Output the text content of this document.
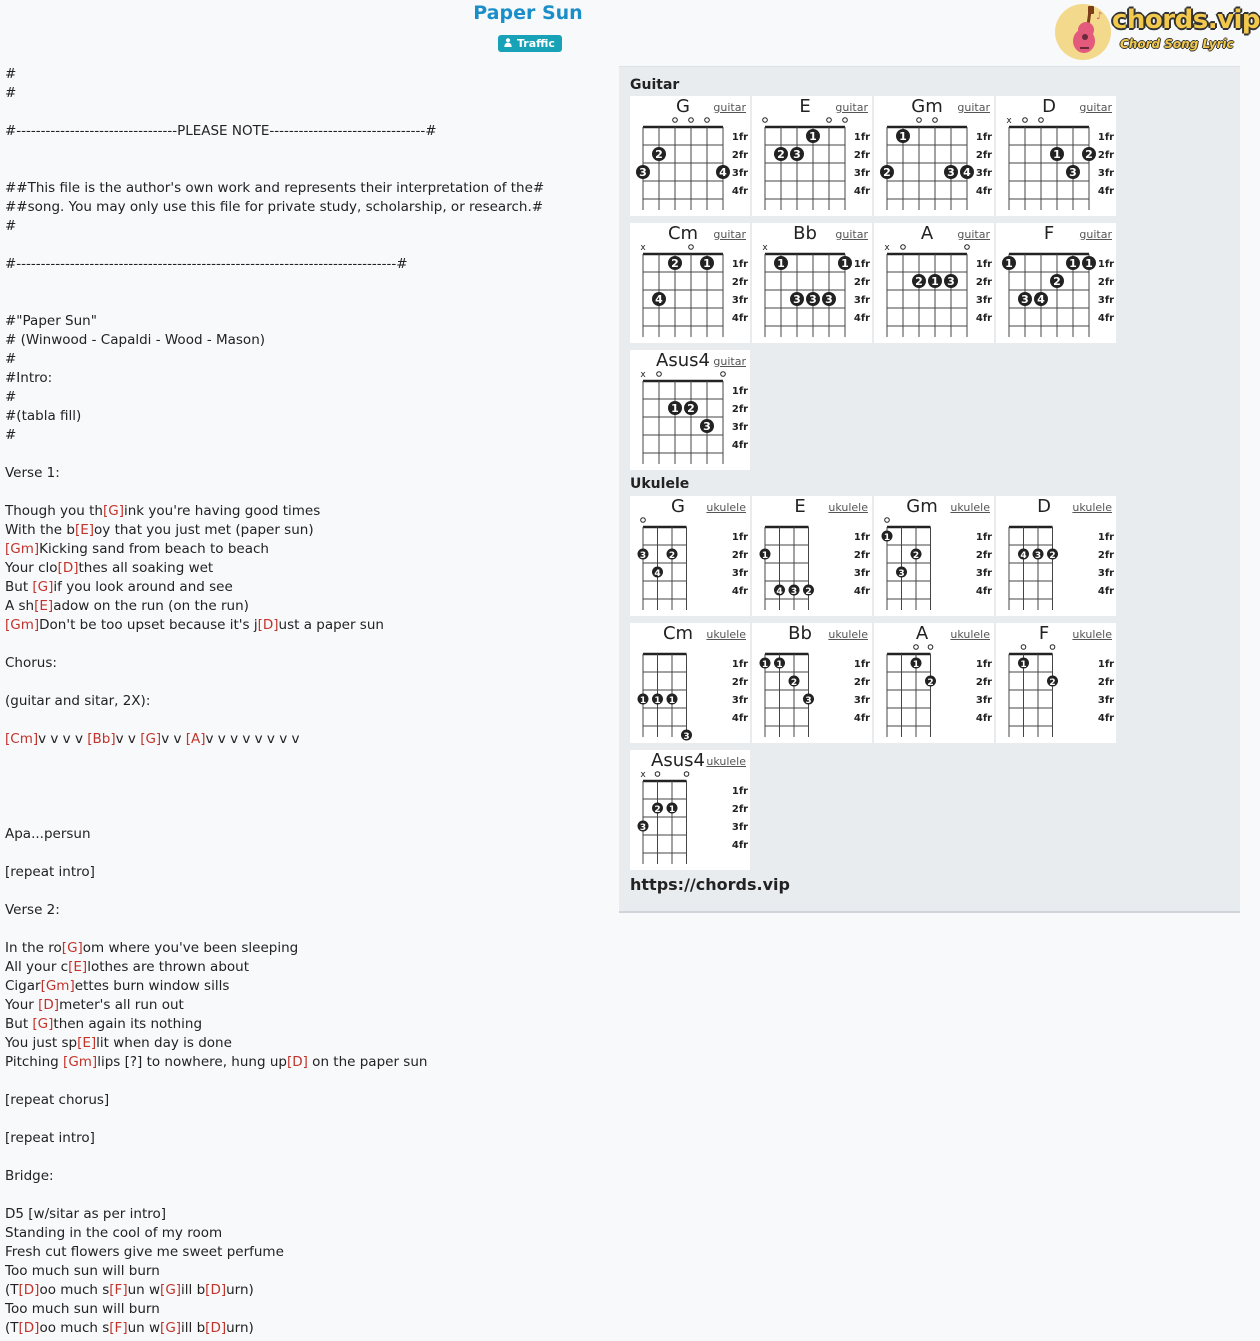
Paper Sun
Traffic
♪ chords.vip
Chord Song Lyric
#
#
#---------------------------------PLEASE NOTE--------------------------------#
##This file is the author's own work and represents their interpretation of the#
##song. You may only use this file for private study, scholarship, or research.#
#
#------------------------------------------------------------------------------#
#"Paper Sun"
# (Winwood - Capaldi - Wood - Mason)
#
#Intro:
#
#(tabla fill)
#
Verse 1:
Though you th[G]ink you're having good times
With the b[E]oy that you just met (paper sun)
[Gm]Kicking sand from beach to beach
Your clo[D]thes all soaking wet
But [G]if you look around and see
A sh[E]adow on the run (on the run)
[Gm]Don't be too upset because it's j[D]ust a paper sun
Chorus:
(guitar and sitar, 2X):
[Cm]v v v v [Bb]v v [G]v v [A]v v v v v v v v
Apa...persun
[repeat intro]
Verse 2:
In the ro[G]om where you've been sleeping
All your c[E]lothes are thrown about
Cigar[Gm]ettes burn window sills
Your [D]meter's all run out
But [G]then again its nothing
You just sp[E]lit when day is done
Pitching [Gm]lips [?] to nowhere, hung up[D] on the paper sun
[repeat chorus]
[repeat intro]
Bridge:
D5 [w/sitar as per intro]
Standing in the cool of my room
Fresh cut flowers give me sweet perfume
Too much sun will burn
(T[D]oo much s[F]un w[G]ill b[D]urn)
Too much sun will burn
(T[D]oo much s[F]un w[G]ill b[D]urn)
Guitar
Ukulele
https://chords.vip
1fr
2fr
3fr
4fr
2
3	4
G	guitar
1fr
2fr
3fr
4fr
1
2 3
E	guitar
1fr
2fr
3fr
4fr
1
2	3 4
Gm	guitar
x
1fr
2fr
3fr
4fr
1 2
3
D	guitar
x
1fr
2fr
3fr
4fr
2 1
4
Cm	guitar
x
1fr
2fr
3fr
4fr
1	1
3 3 3
Bb	guitar
x
1fr
2fr
3fr
4fr
2 1 3
A	guitar
1fr
2fr
3fr
4fr
1	1 1
2
3 4
F	guitar
x
1fr
2fr
3fr
4fr
1 2
3
Asus4 guitar
1fr
2fr
3fr
4fr
2
3
4
G	ukulele
1fr
2fr
3fr
4fr
1
2
3
4
E	ukulele
1fr
2fr
3fr
4fr
1
2
3
Gm	ukulele
1fr
2fr
3fr
4fr
2
3
4
D	ukulele
1fr
2fr
3fr
4fr
1
1
1
3
Cm	ukulele
1fr
2fr
3fr
4fr
1
1
2
3
Bb	ukulele
1fr
2fr
3fr
4fr
1
2
A	ukulele
1fr
2fr
3fr
4fr
1
2
F	ukulele
x
1fr
2fr
3fr
4fr
1
2
3
Asus4 ukulele
